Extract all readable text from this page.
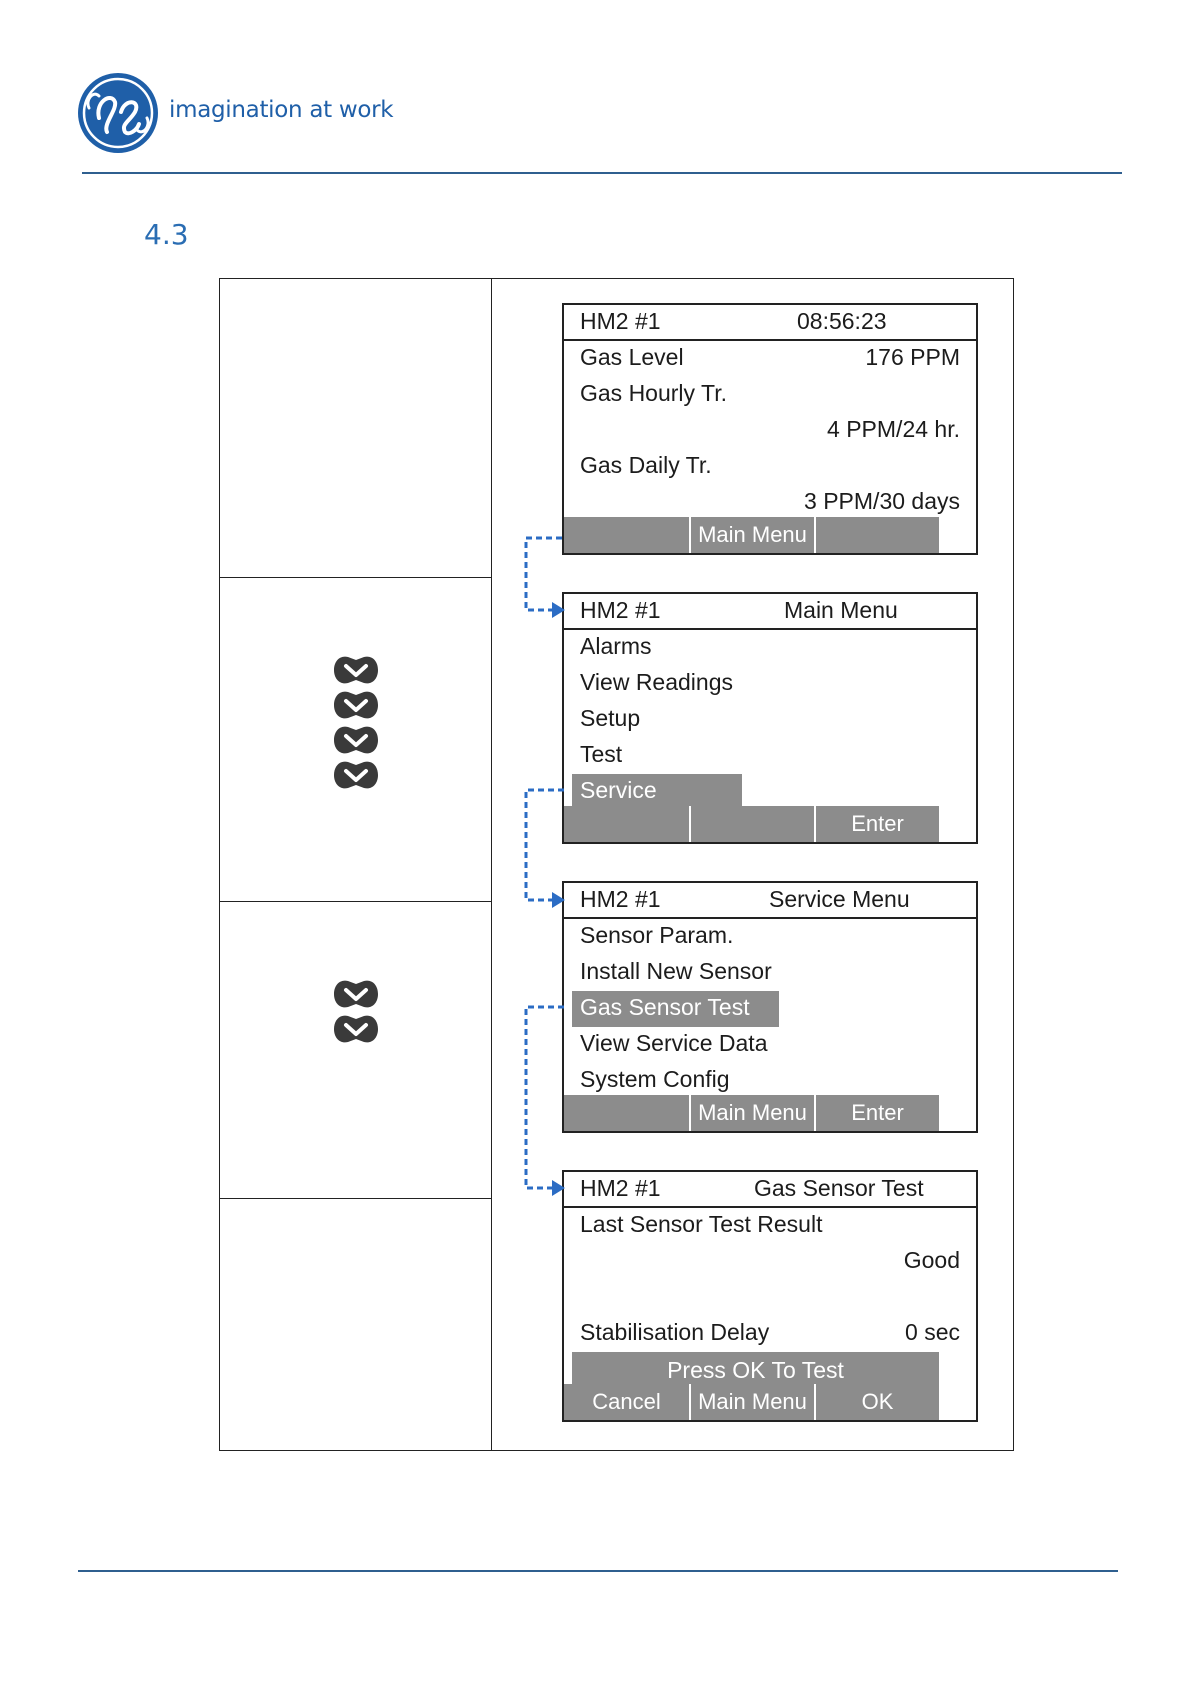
imagination at work
4.3
HM2 #1	08:56:23
Gas Level	176 PPM
Gas Hourly Tr.
4 PPM/24 hr.
Gas Daily Tr.
3 PPM/30 days
Main Menu
HM2 #1	Main Menu
Alarms
View Readings
Setup
Test
Service
Enter
HM2 #1	Service Menu
Sensor Param.
Install New Sensor
Gas Sensor Test
View Service Data
System Config
Main Menu	Enter
HM2 #1	Gas Sensor Test
Last Sensor Test Result
Good
Stabilisation Delay	0 sec
Press OK To Test
Cancel	Main Menu	OK
